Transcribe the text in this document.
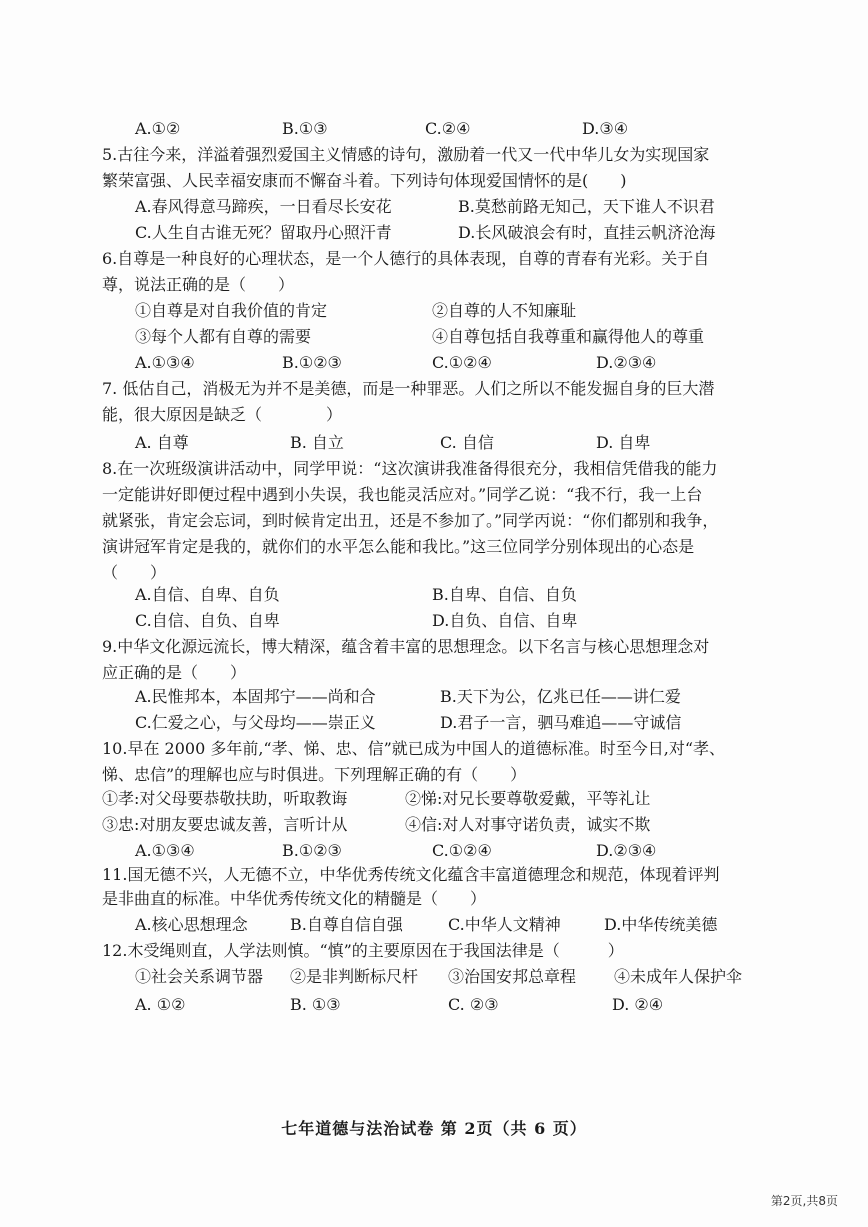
A.①②	B.①③	C.②④	D.③④
5.古往今来，洋溢着强烈爱国主义情感的诗句，激励着一代又一代中华儿女为实现国家
繁荣富强、人民幸福安康而不懈奋斗着。下列诗句体现爱国情怀的是(　　)
A.春风得意马蹄疾，一日看尽长安花	B.莫愁前路无知己，天下谁人不识君
C.人生自古谁无死？留取丹心照汗青	D.长风破浪会有时，直挂云帆济沧海
6.自尊是一种良好的心理状态，是一个人德行的具体表现，自尊的青春有光彩。关于自
尊，说法正确的是（　　）
①自尊是对自我价值的肯定	②自尊的人不知廉耻
③每个人都有自尊的需要	④自尊包括自我尊重和赢得他人的尊重
A.①③④	B.①②③	C.①②④	D.②③④
7. 低估自己，消极无为并不是美德，而是一种罪恶。人们之所以不能发掘自身的巨大潜
能，很大原因是缺乏（　　　　）
A. 自尊	B. 自立	C. 自信	D. 自卑
8.在一次班级演讲活动中，同学甲说：“这次演讲我准备得很充分，我相信凭借我的能力
一定能讲好即便过程中遇到小失误，我也能灵活应对。”同学乙说：“我不行，我一上台
就紧张，肯定会忘词，到时候肯定出丑，还是不参加了。”同学丙说：“你们都别和我争，
演讲冠军肯定是我的，就你们的水平怎么能和我比。”这三位同学分别体现出的心态是
（　　）
A.自信、自卑、自负	B.自卑、自信、自负
C.自信、自负、自卑	D.自负、自信、自卑
9.中华文化源远流长，博大精深，蕴含着丰富的思想理念。以下名言与核心思想理念对
应正确的是（　　）
A.民惟邦本，本固邦宁——尚和合	B.天下为公，亿兆已任——讲仁爱
C.仁爱之心，与父母均——崇正义	D.君子一言，驷马难追——守诚信
10.早在 2000 多年前,“孝、悌、忠、信”就已成为中国人的道德标准。时至今日,对“孝、
悌、忠信”的理解也应与时俱进。下列理解正确的有（　　）
①孝:对父母要恭敬扶助，听取教诲	②悌:对兄长要尊敬爱戴，平等礼让
③忠:对朋友要忠诚友善，言听计从	④信:对人对事守诺负责，诚实不欺
A.①③④	B.①②③	C.①②④	D.②③④
11.国无德不兴，人无德不立，中华优秀传统文化蕴含丰富道德理念和规范，体现着评判
是非曲直的标准。中华优秀传统文化的精髓是（　　）
A.核心思想理念	B.自尊自信自强	C.中华人文精神	D.中华传统美德
12.木受绳则直，人学法则慎。“慎”的主要原因在于我国法律是（　　　）
①社会关系调节器 ②是非判断标尺杆 ③治国安邦总章程 ④未成年人保护伞
A. ①②	B. ①③	C. ②③	D. ②④
七年道德与法治试卷 第 2页（共 6 页）
第2页,共8页
